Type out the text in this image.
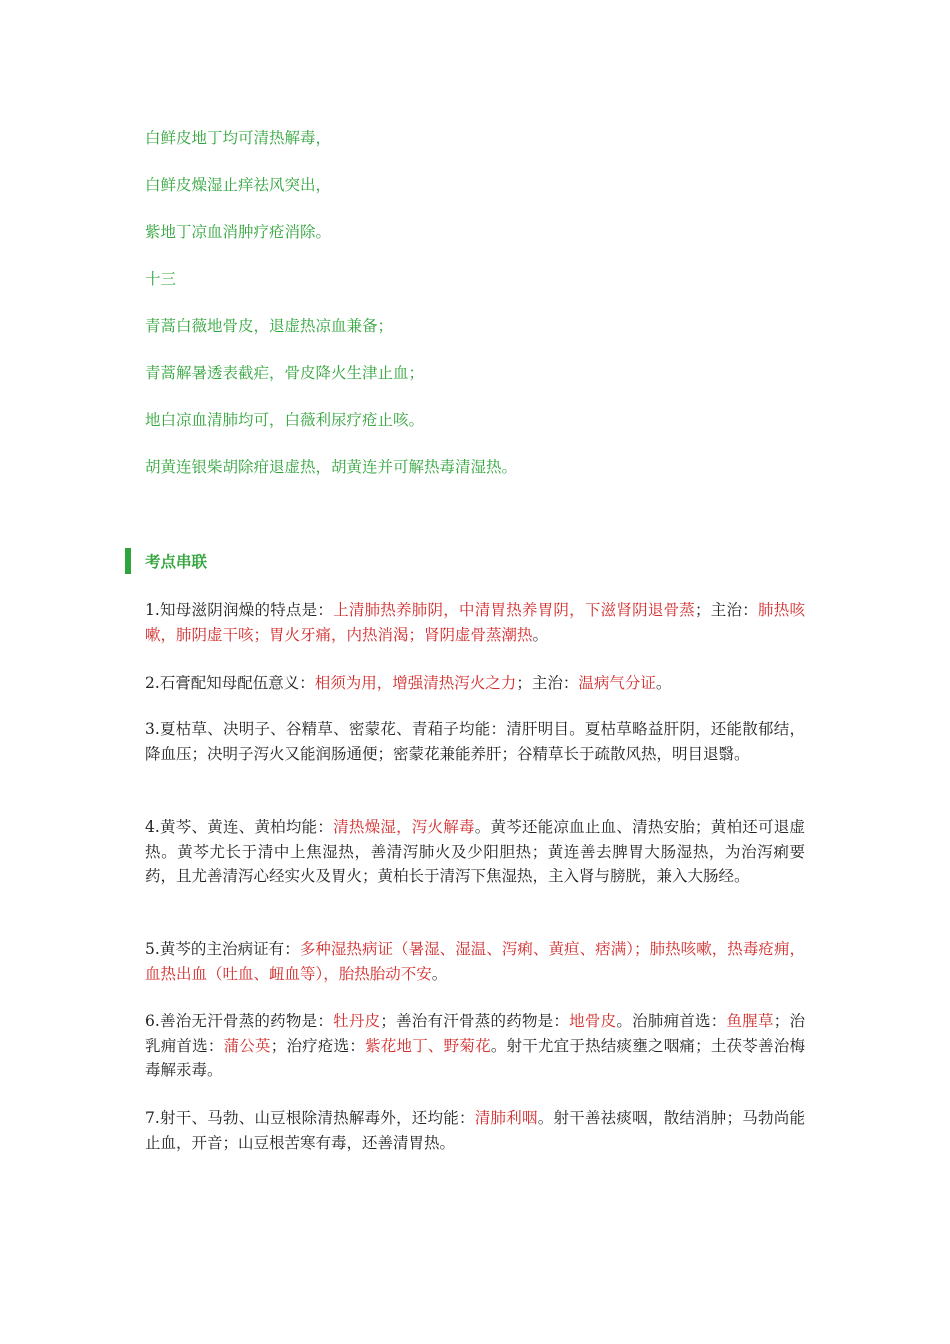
白鲜皮地丁均可清热解毒，
白鲜皮燥湿止痒祛风突出，
紫地丁凉血消肿疗疮消除。
十三
青蒿白薇地骨皮，退虚热凉血兼备；
青蒿解暑透表截疟，骨皮降火生津止血；
地白凉血清肺均可，白薇利尿疗疮止咳。
胡黄连银柴胡除疳退虚热，胡黄连并可解热毒清湿热。
考点串联
1.知母滋阴润燥的特点是：上清肺热养肺阴，中清胃热养胃阴，下滋肾阴退骨蒸；主治：肺热咳嗽，肺阴虚干咳；胃火牙痛，内热消渴；肾阴虚骨蒸潮热。
2.石膏配知母配伍意义：相须为用，增强清热泻火之力；主治：温病气分证。
3.夏枯草、决明子、谷精草、密蒙花、青葙子均能：清肝明目。夏枯草略益肝阴，还能散郁结，降血压；决明子泻火又能润肠通便；密蒙花兼能养肝；谷精草长于疏散风热，明目退翳。
4.黄芩、黄连、黄柏均能：清热燥湿，泻火解毒。黄芩还能凉血止血、清热安胎；黄柏还可退虚热。黄芩尤长于清中上焦湿热，善清泻肺火及少阳胆热；黄连善去脾胃大肠湿热，为治泻痢要药，且尤善清泻心经实火及胃火；黄柏长于清泻下焦湿热，主入肾与膀胱，兼入大肠经。
5.黄芩的主治病证有：多种湿热病证（暑湿、湿温、泻痢、黄疸、痞满）；肺热咳嗽，热毒疮痈，血热出血（吐血、衄血等），胎热胎动不安。
6.善治无汗骨蒸的药物是：牡丹皮；善治有汗骨蒸的药物是：地骨皮。治肺痈首选：鱼腥草；治乳痈首选：蒲公英；治疗疮选：紫花地丁、野菊花。射干尤宜于热结痰壅之咽痛；土茯苓善治梅毒解汞毒。
7.射干、马勃、山豆根除清热解毒外，还均能：清肺利咽。射干善祛痰咽，散结消肿；马勃尚能止血，开音；山豆根苦寒有毒，还善清胃热。
